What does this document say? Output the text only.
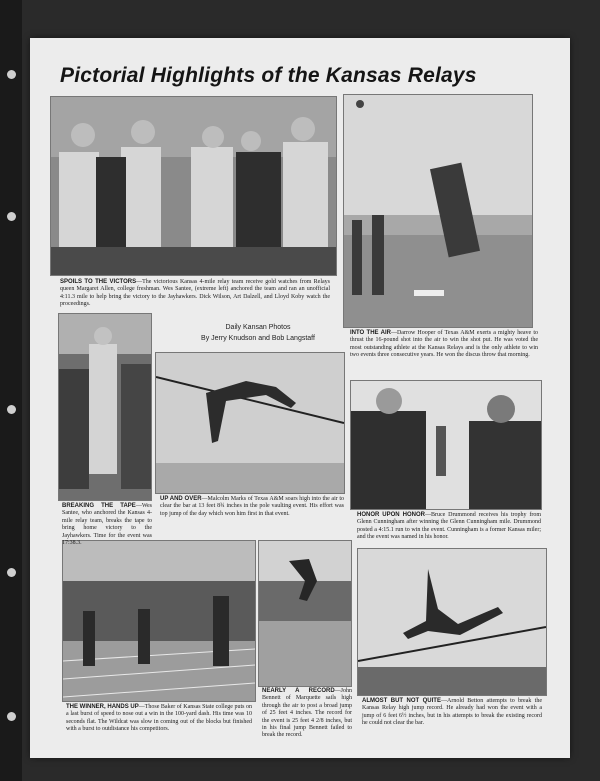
Pictorial Highlights of the Kansas Relays
SPOILS TO THE VICTORS—The victorious Kansas 4-mile relay team receive gold watches from Relays queen Margaret Allen, college freshman. Wes Santee, (extreme left) anchored the team and ran an unofficial 4:11.3 mile to help bring the victory to the Jayhawkers. Dick Wilson, Art Dalzell, and Lloyd Koby watch the proceedings.
Daily Kansan Photos
By Jerry Knudson and Bob Langstaff
INTO THE AIR—Darrow Hooper of Texas A&M exerts a mighty heave to thrust the 16-pound shot into the air to win the shot put. He was voted the most outstanding athlete at the Kansas Relays and is the only athlete to win two events three consecutive years. He won the discus throw that morning.
BREAKING THE TAPE—Wes Santee, who anchored the Kansas 4-mile relay team, breaks the tape to bring home victory to the Jayhawkers. Time for the event was 17:38.3.
UP AND OVER—Malcolm Marks of Texas A&M soars high into the air to clear the bar at 13 feet 8¾ inches in the pole vaulting event. His effort was top jump of the day which won him first in that event.	HONOR UPON HONOR—Bruce Drummond receives his trophy from Glenn Cunningham after winning the Glenn Cunningham mile. Drummond posted a 4:15.1 run to win the event. Cunningham is a former Kansas miler; and the event was named in his honor.
THE WINNER, HANDS UP—Those Baker of Kansas State college puts on a last burst of speed to nose out a win in the 100-yard dash. His time was 10 seconds flat. The Wildcat was slow in coming out of the blocks but finished with a burst to outdistance his competitors.
NEARLY A RECORD—John Bennett of Marquette sails high through the air to post a broad jump of 25 feet 4 inches. The record for the event is 25 feet 4 2/8 inches, but in his final jump Bennett failed to break the record.
ALMOST BUT NOT QUITE—Arnold Betton attempts to break the Kansas Relay high jump record. He already had won the event with a jump of 6 feet 6½ inches, but in his attempts to break the existing record he could not clear the bar.
